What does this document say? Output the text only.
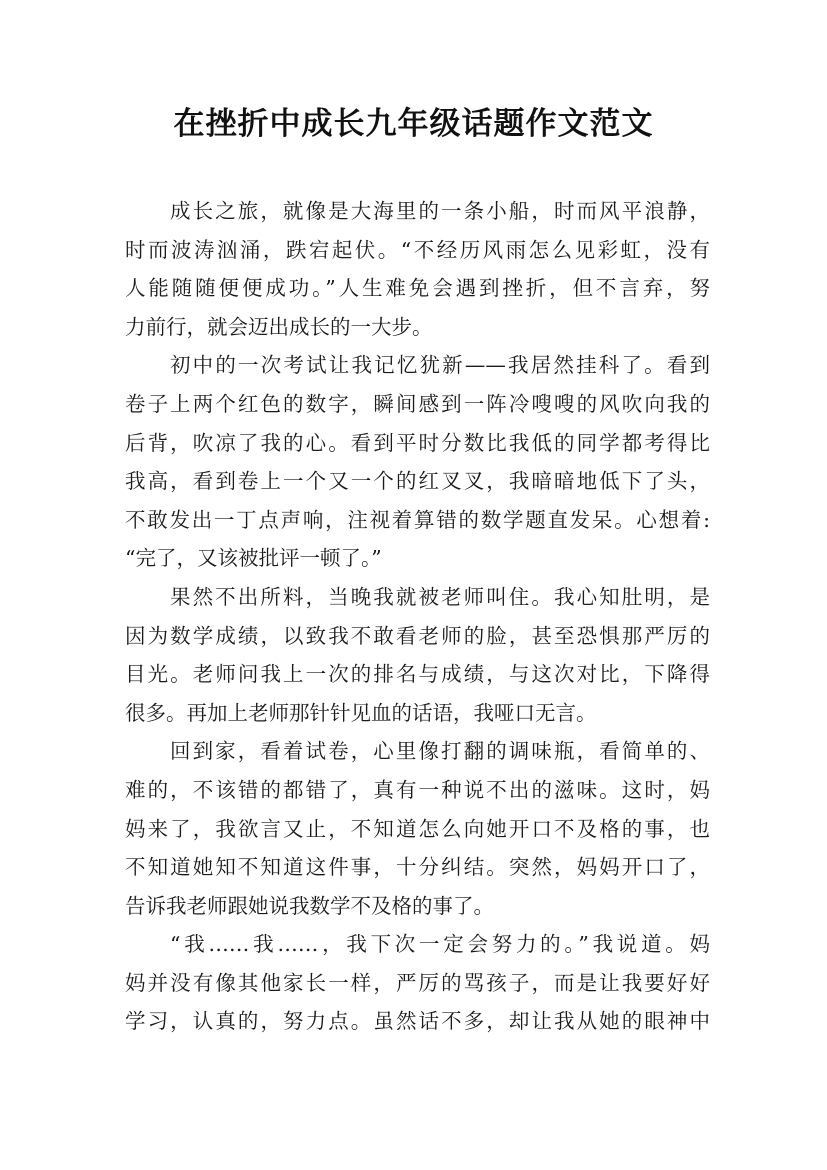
在挫折中成长九年级话题作文范文
成长之旅，就像是大海里的一条小船，时而风平浪静，
时而波涛汹涌，跌宕起伏。“不经历风雨怎么见彩虹，没有
人能随随便便成功。”人生难免会遇到挫折，但不言弃，努
力前行，就会迈出成长的一大步。
初中的一次考试让我记忆犹新——我居然挂科了。看到
卷子上两个红色的数字，瞬间感到一阵冷嗖嗖的风吹向我的
后背，吹凉了我的心。看到平时分数比我低的同学都考得比
我高，看到卷上一个又一个的红叉叉，我暗暗地低下了头，
不敢发出一丁点声响，注视着算错的数学题直发呆。心想着:
“完了，又该被批评一顿了。”
果然不出所料，当晚我就被老师叫住。我心知肚明，是
因为数学成绩，以致我不敢看老师的脸，甚至恐惧那严厉的
目光。老师问我上一次的排名与成绩，与这次对比，下降得
很多。再加上老师那针针见血的话语，我哑口无言。
回到家，看着试卷，心里像打翻的调味瓶，看简单的、
难的，不该错的都错了，真有一种说不出的滋味。这时，妈
妈来了，我欲言又止，不知道怎么向她开口不及格的事，也
不知道她知不知道这件事，十分纠结。突然，妈妈开口了，
告诉我老师跟她说我数学不及格的事了。
“我……我……，我下次一定会努力的。”我说道。妈
妈并没有像其他家长一样，严厉的骂孩子，而是让我要好好
学习，认真的，努力点。虽然话不多，却让我从她的眼神中
